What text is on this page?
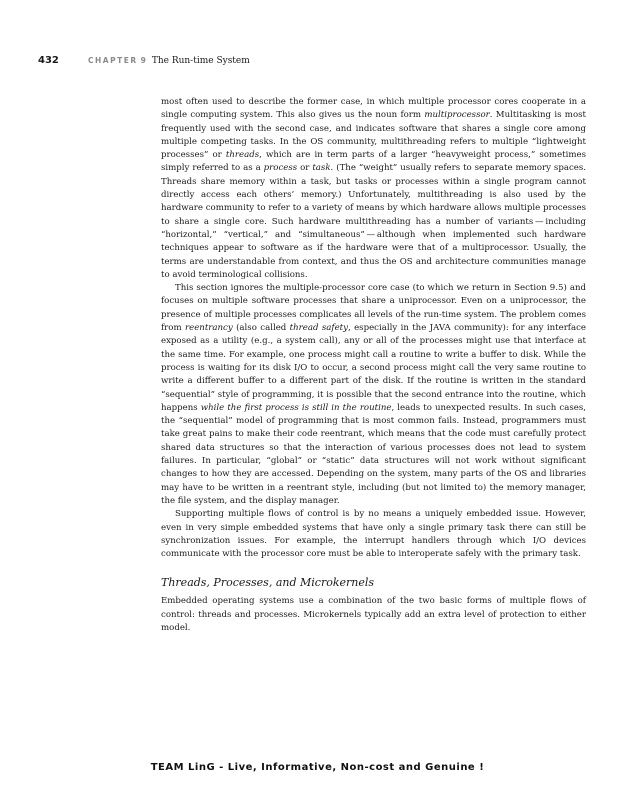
432	CHAPTER 9 The Run-time System

most often used to describe the former case, in which multiple processor cores cooperate in a single computing system. This also gives us the noun form multiprocessor. Multitasking is most frequently used with the second case, and indicates software that shares a single core among multiple competing tasks. In the OS community, multithreading refers to multiple “lightweight processes” or threads, which are in term parts of a larger “heavyweight process,” sometimes simply referred to as a process or task. (The “weight” usually refers to separate memory spaces. Threads share memory within a task, but tasks or processes within a single program cannot directly access each others’ memory.) Unfortunately, multithreading is also used by the hardware community to refer to a variety of means by which hardware allows multiple processes to share a single core. Such hardware multithreading has a number of variants — including “horizontal,” “vertical,” and “simultaneous” — although when implemented such hardware techniques appear to software as if the hardware were that of a multiprocessor. Usually, the terms are understandable from context, and thus the OS and architecture communities manage to avoid terminological collisions.

This section ignores the multiple-processor core case (to which we return in Section 9.5) and focuses on multiple software processes that share a uniprocessor. Even on a uniprocessor, the presence of multiple processes complicates all levels of the run-time system. The problem comes from reentrancy (also called thread safety, especially in the JAVA community): for any interface exposed as a utility (e.g., a system call), any or all of the processes might use that interface at the same time. For example, one process might call a routine to write a buffer to disk. While the process is waiting for its disk I/O to occur, a second process might call the very same routine to write a different buffer to a different part of the disk. If the routine is written in the standard “sequential” style of programming, it is possible that the second entrance into the routine, which happens while the first process is still in the routine, leads to unexpected results. In such cases, the “sequential” model of programming that is most common fails. Instead, programmers must take great pains to make their code reentrant, which means that the code must carefully protect shared data structures so that the interaction of various processes does not lead to system failures. In particular, “global” or “static” data structures will not work without significant changes to how they are accessed. Depending on the system, many parts of the OS and libraries may have to be written in a reentrant style, including (but not limited to) the memory manager, the file system, and the display manager.

Supporting multiple flows of control is by no means a uniquely embedded issue. However, even in very simple embedded systems that have only a single primary task there can still be synchronization issues. For example, the interrupt handlers through which I/O devices communicate with the processor core must be able to interoperate safely with the primary task.

Threads, Processes, and Microkernels

Embedded operating systems use a combination of the two basic forms of multiple flows of control: threads and processes. Microkernels typically add an extra level of protection to either model.

TEAM LinG - Live, Informative, Non-cost and Genuine !
